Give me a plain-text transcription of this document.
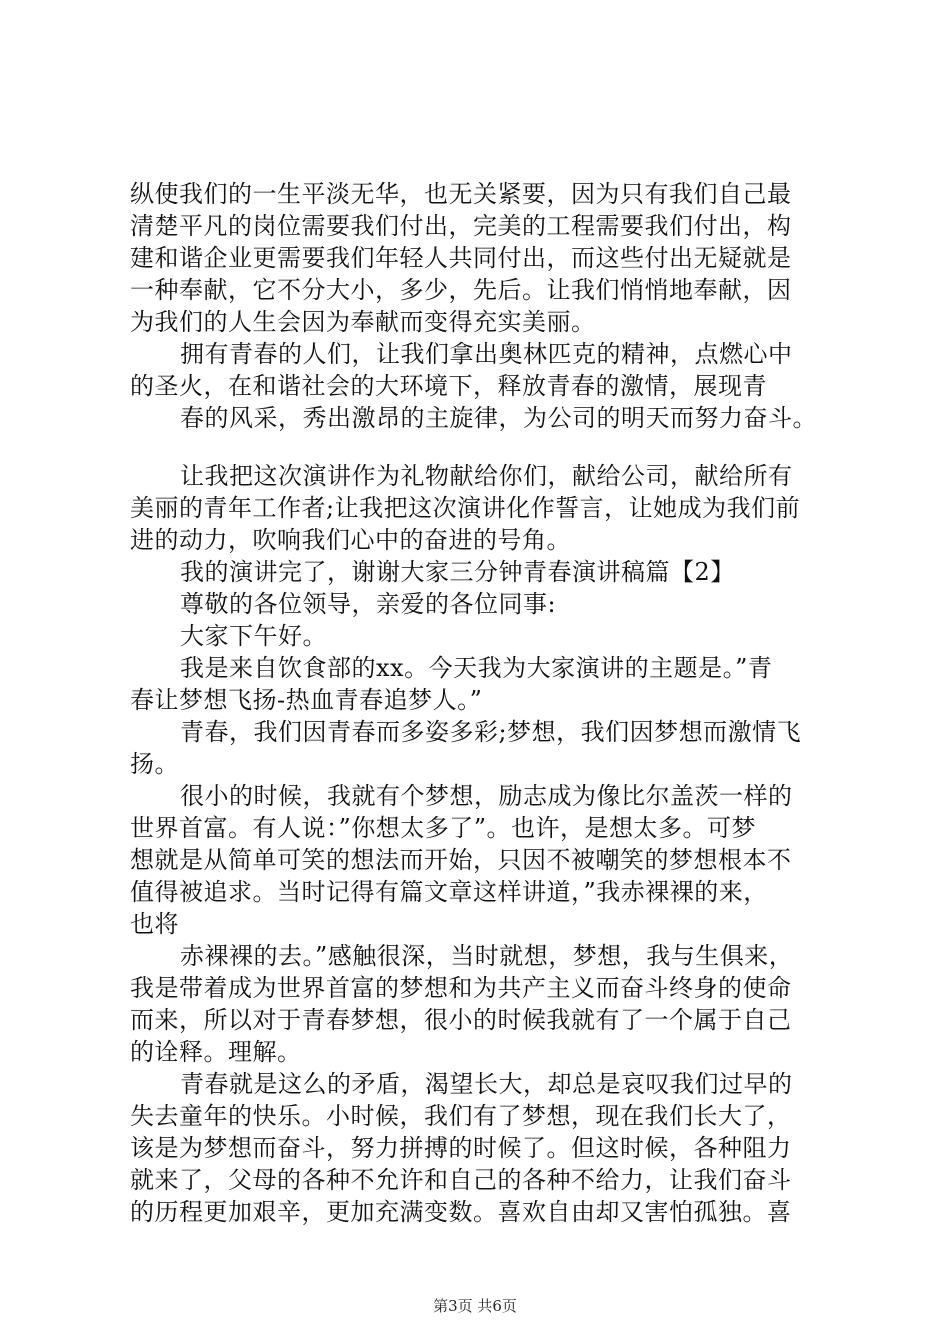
纵使我们的一生平淡无华，也无关紧要，因为只有我们自己最
清楚平凡的岗位需要我们付出，完美的工程需要我们付出，构
建和谐企业更需要我们年轻人共同付出，而这些付出无疑就是
一种奉献，它不分大小，多少，先后。让我们悄悄地奉献，因
为我们的人生会因为奉献而变得充实美丽。
拥有青春的人们，让我们拿出奥林匹克的精神，点燃心中
的圣火，在和谐社会的大环境下，释放青春的激情，展现青
春的风采，秀出激昂的主旋律，为公司的明天而努力奋斗。
让我把这次演讲作为礼物献给你们，献给公司，献给所有
美丽的青年工作者;让我把这次演讲化作誓言，让她成为我们前
进的动力，吹响我们心中的奋进的号角。
我的演讲完了，谢谢大家三分钟青春演讲稿篇【2】
尊敬的各位领导，亲爱的各位同事:
大家下午好。
我是来自饮食部的xx。今天我为大家演讲的主题是。”青
春让梦想飞扬-热血青春追梦人。”
青春，我们因青春而多姿多彩;梦想，我们因梦想而激情飞
扬。
很小的时候，我就有个梦想，励志成为像比尔盖茨一样的
世界首富。有人说：”你想太多了”。也许，是想太多。可梦
想就是从简单可笑的想法而开始，只因不被嘲笑的梦想根本不
值得被追求。当时记得有篇文章这样讲道，”我赤裸裸的来，
也将
赤裸裸的去。”感触很深，当时就想，梦想，我与生俱来，
我是带着成为世界首富的梦想和为共产主义而奋斗终身的使命
而来，所以对于青春梦想，很小的时候我就有了一个属于自己
的诠释。理解。
青春就是这么的矛盾，渴望长大，却总是哀叹我们过早的
失去童年的快乐。小时候，我们有了梦想，现在我们长大了，
该是为梦想而奋斗，努力拼搏的时候了。但这时候，各种阻力
就来了，父母的各种不允许和自己的各种不给力，让我们奋斗
的历程更加艰辛，更加充满变数。喜欢自由却又害怕孤独。喜
第3页 共6页
